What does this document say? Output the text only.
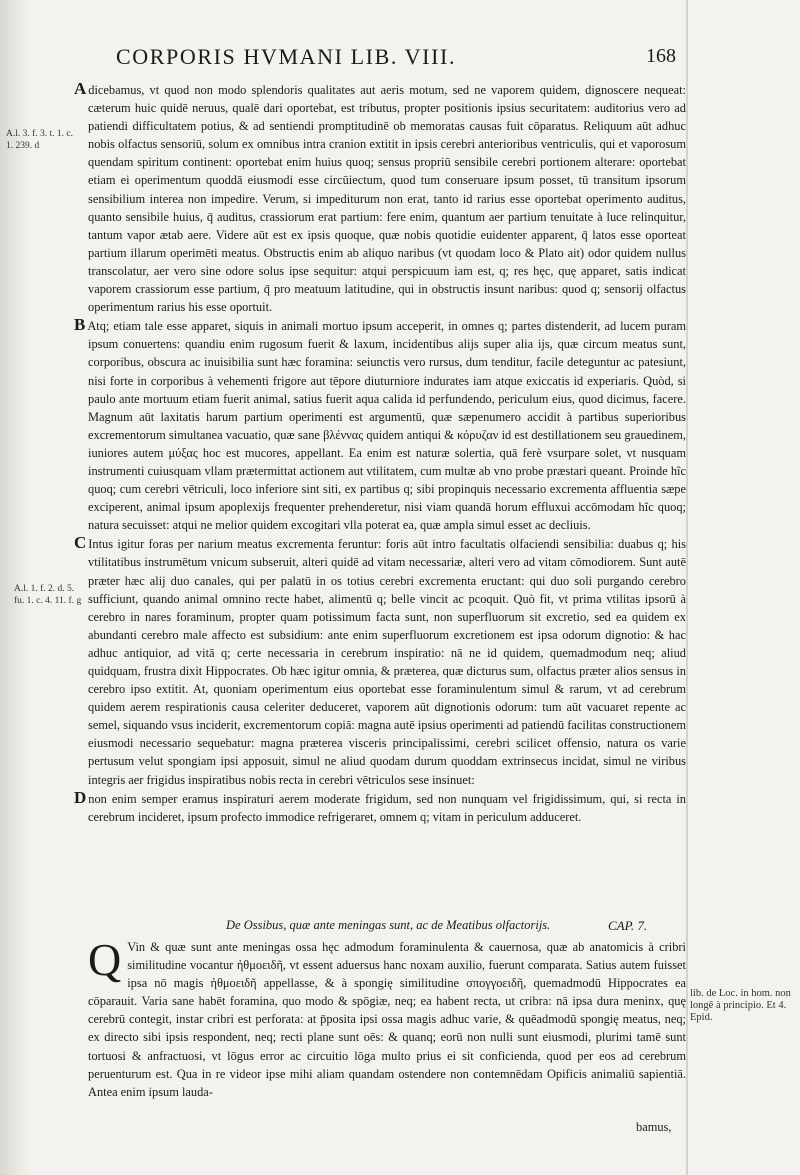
CORPORIS HVMANI LIB. VIII.	168
A.l. 3. f. 3. t. 1. c. 1. 239. d
A.l. 1. f. 2. d. 5. fu. 1. c. 4. 11. f. g
lib. de Loc. in hom. non longē à principio. Et 4. Epid.

A dicebamus, vt quod non modo splendoris qualitates aut aeris motum, sed ne vaporem quidem, dignoscere nequeat: cæterum huic quidē neruus, qualē dari oportebat, est tributus, propter positionis ipsius securitatem: auditorius vero ad patiendi difficultatem potius, & ad sentiendi promptitudinē ob memoratas causas fuit cōparatus. Reliquum aūt adhuc nobis olfactus sensoriū, solum ex omnibus intra cranion extitit in ipsis cerebri anterioribus ventriculis, qui et vaporosum quendam spiritum continent: oportebat enim huius quoq; sensus propriū sensibile cerebri portionem alterare: oportebat etiam ei operimentum quoddā eiusmodi esse circūiectum, quod tum conseruare ipsum posset, tū transitum ipsorum sensibilium interea non impedire. Verum, si impediturum non erat, tanto id rarius esse oportebat operimento auditus, quanto sensibile huius, q̄ auditus, crassiorum erat partium: fere enim, quantum aer partium tenuitate à luce relinquitur, tantum vapor ætab aere. Videre aūt est ex ipsis quoque, quæ nobis quotidie euidenter apparent, q̄ latos esse oporteat partium illarum operimēti meatus. Obstructis enim ab aliquo naribus (vt quodam loco & Plato ait) odor quidem nullus transcolatur, aer vero sine odore solus ipse sequitur: atqui perspicuum iam est, q; res hęc, quę apparet, satis indicat vaporem crassiorum esse partium, q̄ pro meatuum latitudine, qui in obstructis insunt naribus: quod q; sensorij olfactus operimentum rarius his esse oportuit.

B Atq; etiam tale esse apparet, siquis in animali mortuo ipsum acceperit, in omnes q; partes distenderit, ad lucem puram ipsum conuertens: quandiu enim rugosum fuerit & laxum, incidentibus alijs super alia ijs, quæ circum meatus sunt, corporibus, obscura ac inuisibilia sunt hæc foramina: seiunctis vero rursus, dum tenditur, facile deteguntur ac patesiunt, nisi forte in corporibus à vehementi frigore aut tēpore diuturniore indurates iam atque exiccatis id experiaris. Quòd, si paulo ante mortuum etiam fuerit animal, satius fuerit aqua calida id perfundendo, periculum eius, quod dicimus, facere. Magnum aūt laxitatis harum partium operimenti est argumentū, quæ sæpenumero accidit à partibus superioribus excrementorum simultanea vacuatio, quæ sane βλέννας quidem antiqui & κόρυζαν id est destillationem seu grauedinem, iuniores autem μύξας hoc est mucores, appellant. Ea enim est naturæ solertia, quā ferè vsurpare solet, vt nusquam instrumenti cuiusquam vllam prætermittat actionem aut vtilitatem, cum multæ ab vno probe præstari queant. Proinde hîc quoq; cum cerebri vētriculi, loco inferiore sint siti, ex partibus q; sibi propinquis necessario excrementa affluentia sæpe exciperent, animal ipsum apoplexijs frequenter prehenderetur, nisi viam quandā horum effluxui accōmodam hîc quoq; natura secuisset: atqui ne melior quidem excogitari vlla poterat ea, quæ ampla simul esset ac decliuis.

C Intus igitur foras per narium meatus excrementa feruntur: foris aūt intro facultatis olfaciendi sensibilia: duabus q; his vtilitatibus instrumētum vnicum subseruit, alteri quidē ad vitam necessariæ, alteri vero ad vitam cōmodiorem. Sunt autē præter hæc alij duo canales, qui per palatū in os totius cerebri excrementa eructant: qui duo soli purgando cerebro sufficiunt, quando animal omnino recte habet, alimentū q; belle vincit ac pcoquit. Quò fit, vt prima vtilitas ipsorū à cerebro in nares foraminum, propter quam potissimum facta sunt, non superfluorum sit excretio, sed ea quidem ex abundanti cerebro male affecto est subsidium: ante enim superfluorum excretionem est ipsa odorum dignotio: & hac adhuc antiquior, ad vitā q; certe necessaria in cerebrum inspiratio: nā ne id quidem, quemadmodum neq; aliud quidquam, frustra dixit Hippocrates. Ob hæc igitur omnia, & præterea, quæ dicturus sum, olfactus præter alios sensus in cerebro ipso extitit. At, quoniam operimentum eius oportebat esse foraminulentum simul & rarum, vt ad cerebrum quidem aerem respirationis causa celeriter deduceret, vaporem aūt dignotionis odorum: tum aūt vacuaret repente ac semel, siquando vsus inciderit, excrementorum copiā: magna autē ipsius operimenti ad patiendū facilitas constructionem eiusmodi necessario sequebatur: magna præterea visceris principalissimi, cerebri scilicet offensio, natura os varie pertusum velut spongiam ipsi apposuit, simul ne aliud quodam durum quoddam extrinsecus incidat, simul ne viribus integris aer frigidus inspiratibus nobis recta in cerebri vētriculos sese insinuet:

D non enim semper eramus inspiraturi aerem moderate frigidum, sed non nunquam vel frigidissimum, qui, si recta in cerebrum incideret, ipsum profecto immodice refrigeraret, omnem q; vitam in periculum adduceret.

De Ossibus, quæ ante meningas sunt, ac de Meatibus olfactorijs.	CAP. 7.
Q Vin & quæ sunt ante meningas ossa hęc admodum foraminulenta & cauernosa, quæ ab anatomicis à cribri similitudine vocantur ἠθμοειδῆ, vt essent aduersus hanc noxam auxilio, fuerunt comparata. Satius autem fuisset ipsa nō magis ἠθμοειδῆ appellasse, & à spongię similitudine σπογγοειδῆ, quemadmodū Hippocrates ea cōparauit. Varia sane habēt foramina, quo modo & spōgiæ, neq; ea habent recta, ut cribra: nā ipsa dura meninx, quę cerebrū contegit, instar cribri est perforata: at p̄posita ipsi ossa magis adhuc varie, & quēadmodū spongię meatus, neq; ex directo sibi ipsis respondent, neq; recti plane sunt oēs: & quanq; eorū non nulli sunt eiusmodi, plurimi tamē sunt tortuosi & anfractuosi, vt lōgus error ac circuitio lōga multo prius ei sit conficienda, quod per eos ad cerebrum peruenturum est. Qua in re videor ipse mihi aliam quandam ostendere non contemnēdam Opificis animaliū sapientiā. Antea enim ipsum lauda-
bamus,
